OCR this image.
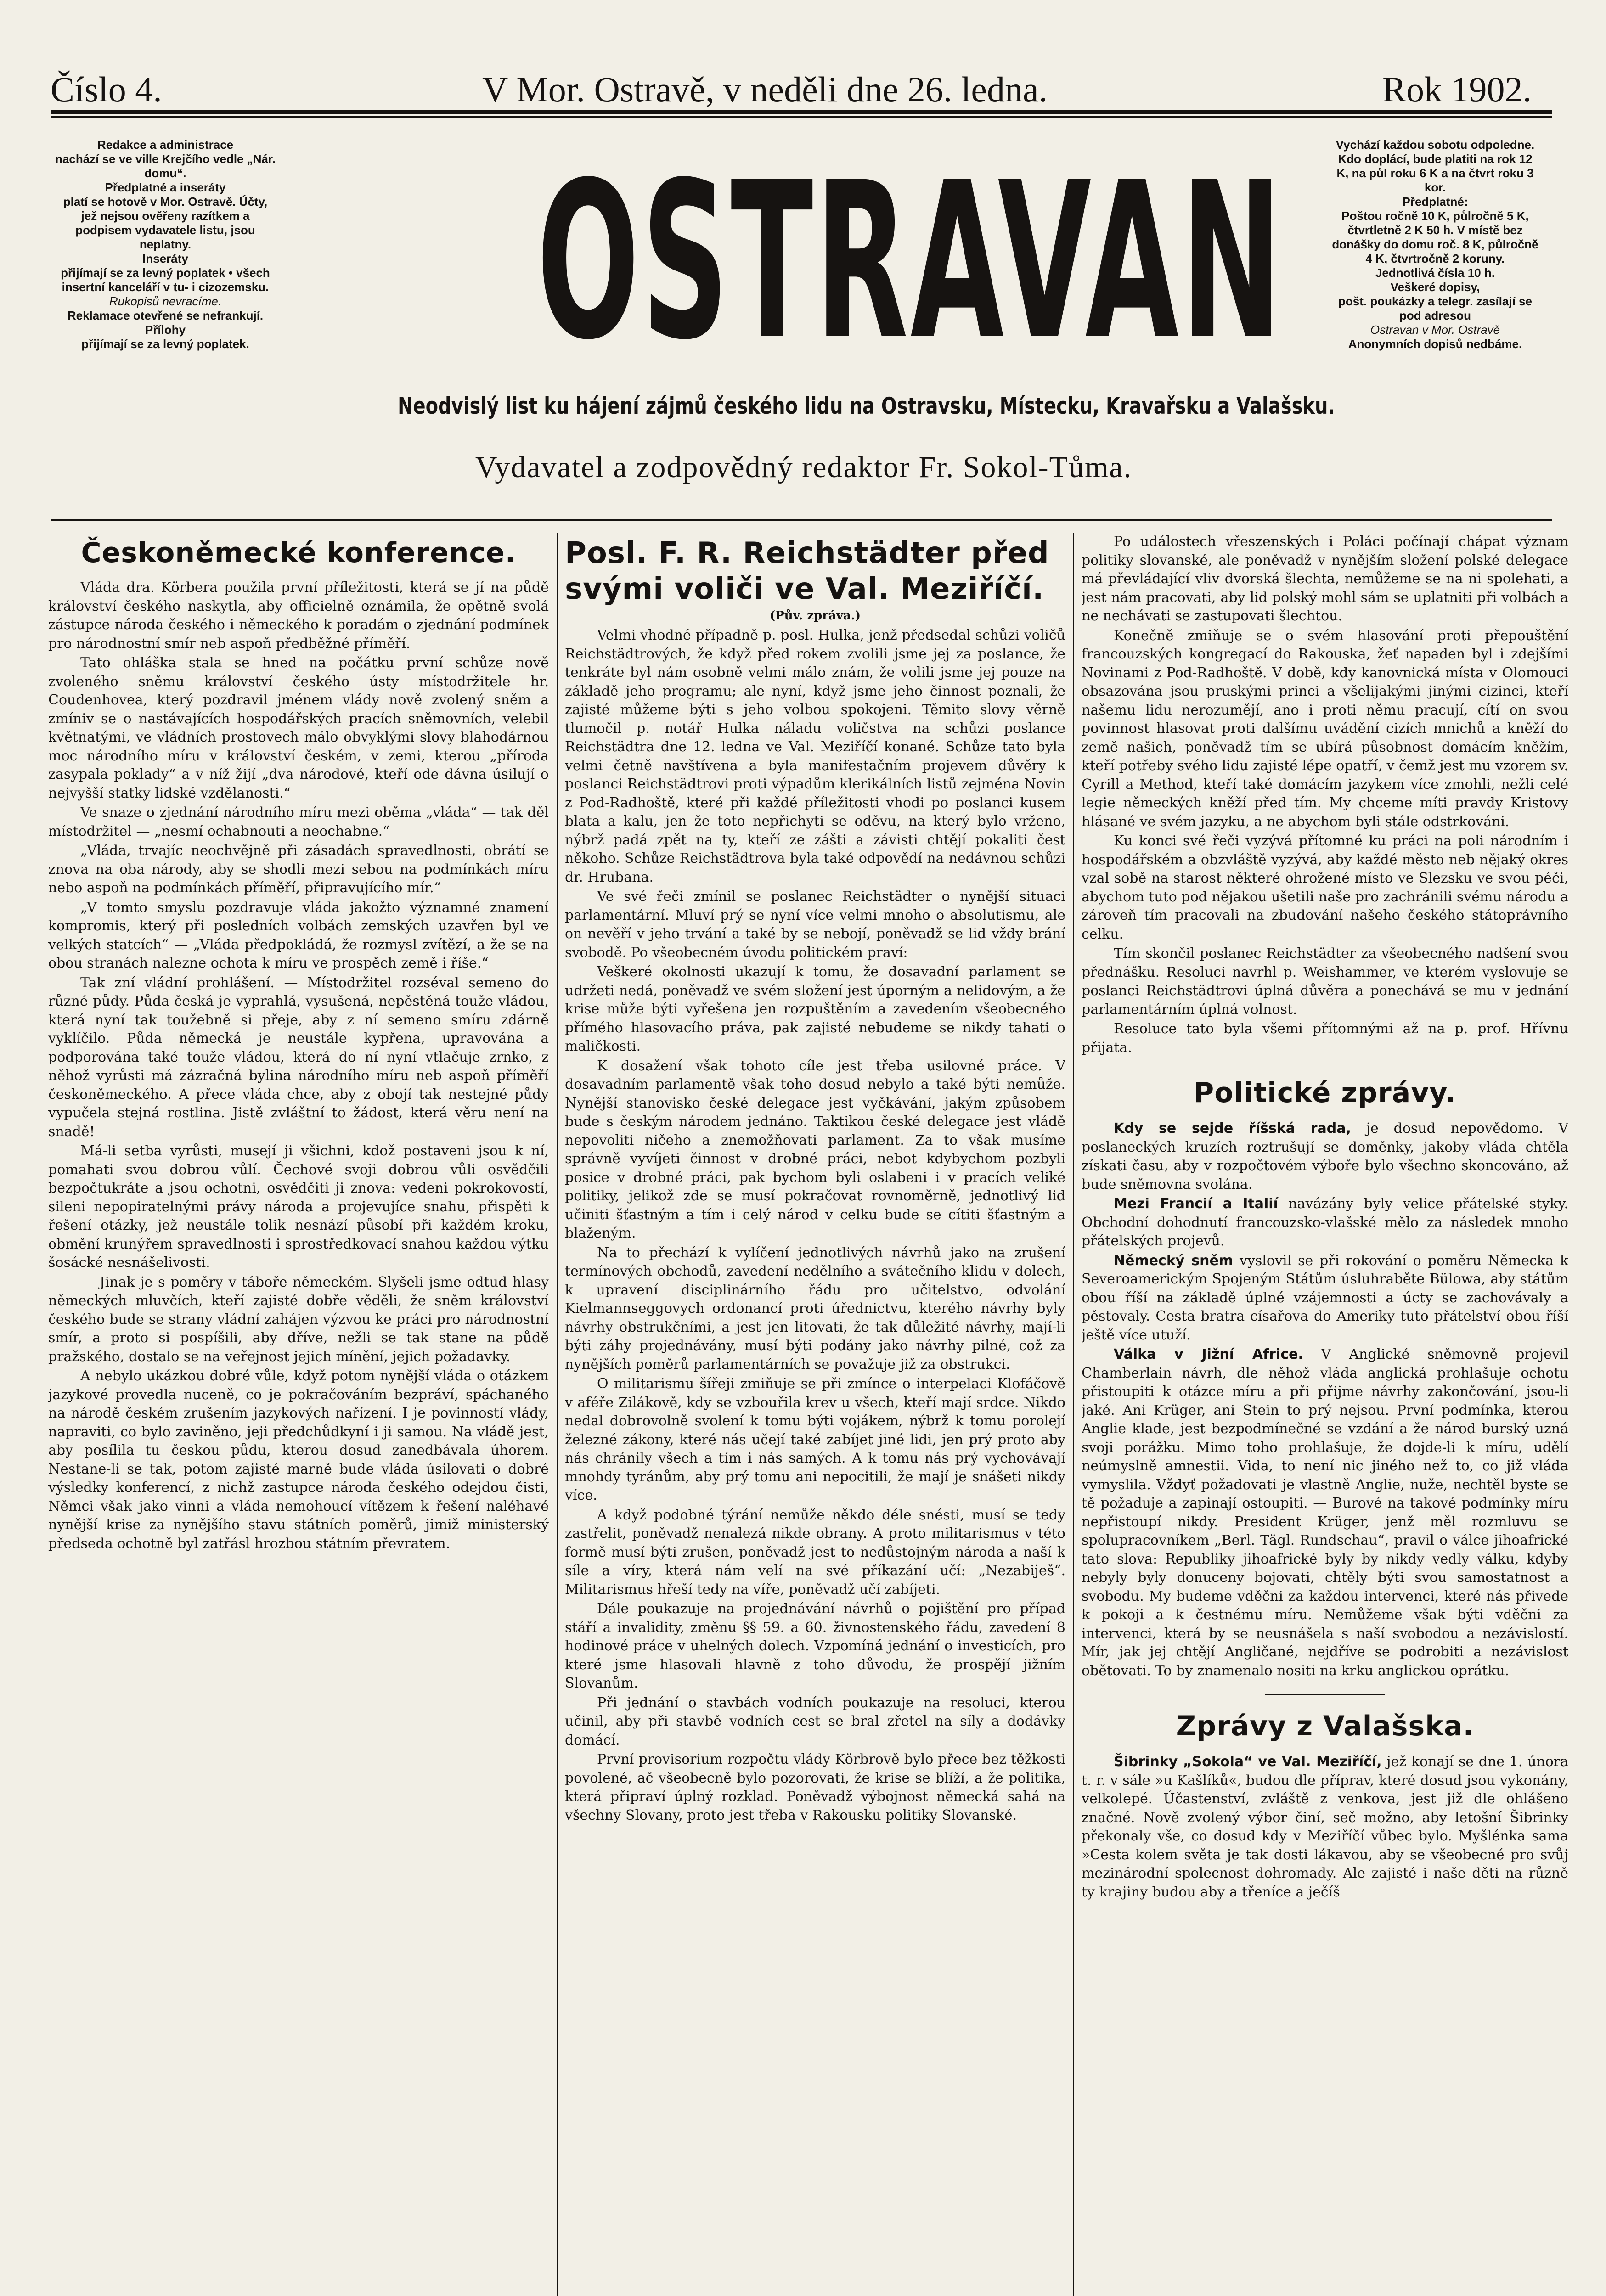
Číslo 4.	V Mor. Ostravě, v neděli dne 26. ledna.	Rok 1902.
Redakce a administrace
nachází se ve ville Krejčího vedle „Nár. domu“.
Předplatné a inseráty
platí se hotově v Mor. Ostravě. Účty, jež nejsou ověřeny razítkem a podpisem vydavatele listu, jsou neplatny.
Inseráty
přijímají se za levný poplatek • všech insertní kanceláří v tu- i cizozemsku.
Rukopisů nevracíme.
Reklamace otevřené se nefrankují.
Přílohy
přijímají se za levný poplatek. OSTRAVAN
Neodvislý list ku hájení zájmů českého lidu na Ostravsku, Místecku, Kravařsku a Valašsku.
Vydavatel a zodpovědný redaktor Fr. Sokol-Tůma.
Vychází každou sobotu odpoledne.
Kdo doplácí, bude platiti na rok 12 K, na půl roku 6 K a na čtvrt roku 3 kor.
Předplatné:
Poštou ročně 10 K, půlročně 5 K, čtvrtletně 2 K 50 h. V místě bez donášky do domu roč. 8 K, půlročně 4 K, čtvrtročně 2 koruny.
Jednotlivá čísla 10 h.
Veškeré dopisy,
pošt. poukázky a telegr. zasílají se pod adresou
Ostravan v Mor. Ostravě
Anonymních dopisů nedbáme.
Českoněmecké konference.

Vláda dra. Körbera použila první příležitosti, která se jí na půdě království českého naskytla, aby officielně oznámila, že opětně svolá zástupce národa českého i německého k poradám o zjednání podmínek pro národnostní smír neb aspoň předběžné příměří.

Tato ohláška stala se hned na počátku první schůze nově zvoleného sněmu království českého ústy místodržitele hr. Coudenhovea, který pozdravil jménem vlády nově zvolený sněm a zmíniv se o nastávajících hospodářských pracích sněmovních, velebil květnatými, ve vládních prostovech málo obvyklými slovy blahodárnou moc národního míru v království českém, v zemi, kterou „příroda zasypala poklady“ a v níž žijí „dva národové, kteří ode dávna úsilují o nejvyšší statky lidské vzdělanosti.“

Ve snaze o zjednání národního míru mezi oběma „vláda“ — tak děl místodržitel — „nesmí ochabnouti a neochabne.“

„Vláda, trvajíc neochvějně při zásadách spravedlnosti, obrátí se znova na oba národy, aby se shodli mezi sebou na podmínkách míru nebo aspoň na podmínkách příměří, připravujícího mír.“

„V tomto smyslu pozdravuje vláda jakožto významné znamení kompromis, který při posledních volbách zemských uzavřen byl ve velkých statcích“ — „Vláda předpokládá, že rozmysl zvítězí, a že se na obou stranách nalezne ochota k míru ve prospěch země i říše.“

Tak zní vládní prohlášení. — Místodržitel rozséval semeno do různé půdy. Půda česká je vyprahlá, vysušená, nepěstěná touže vládou, která nyní tak toužebně si přeje, aby z ní semeno smíru zdárně vyklíčilo. Půda německá je neustále kypřena, upravována a podporována také touže vládou, která do ní nyní vtlačuje zrnko, z něhož vyrůsti má zázračná bylina národního míru neb aspoň příměří českoněmeckého. A přece vláda chce, aby z obojí tak nestejné půdy vypučela stejná rostlina. Jistě zvláštní to žádost, která věru není na snadě!

Má-li setba vyrůsti, musejí ji všichni, kdož postaveni jsou k ní, pomahati svou dobrou vůlí. Čechové svoji dobrou vůli osvědčili bezpočtukráte a jsou ochotni, osvědčiti ji znova: vedeni pokrokovostí, sileni nepopiratelnými právy národa a projevujíce snahu, přispěti k řešení otázky, jež neustále tolik nesnází působí při každém kroku, obmění krunýřem spravedlnosti i sprostředkovací snahou každou výtku šosácké nesnášelivosti.

— Jinak je s poměry v táboře německém. Slyšeli jsme odtud hlasy německých mluvčích, kteří zajisté dobře věděli, že sněm království českého bude se strany vládní zahájen výzvou ke práci pro národnostní smír, a proto si pospíšili, aby dříve, nežli se tak stane na půdě pražského, dostalo se na veřejnost jejich mínění, jejich požadavky.

A nebylo ukázkou dobré vůle, když potom nynější vláda o otázkem jazykové provedla nuceně, co je pokračováním bezpráví, spáchaného na národě českém zrušením jazykových nařízení. I je povinností vlády, napraviti, co bylo zaviněno, jeji předchůdkyní i ji samou. Na vládě jest, aby posílila tu českou půdu, kterou dosud zanedbávala úhorem. Nestane-li se tak, potom zajisté marně bude vláda úsilovati o dobré výsledky konferencí, z nichž zastupce národa českého odejdou čisti, Němci však jako vinni a vláda nemohoucí vítězem k řešení naléhavé nynější krise za nynějšího stavu státních poměrů, jimiž ministerský předseda ochotně byl zatřásl hrozbou státním převratem.

Posl. F. R. Reichstädter před
svými voliči ve Val. Meziříčí.
(Pův. zpráva.)

Velmi vhodné případně p. posl. Hulka, jenž předsedal schůzi voličů Reichstädtrových, že když před rokem zvolili jsme jej za poslance, že tenkráte byl nám osobně velmi málo znám, že volili jsme jej pouze na základě jeho programu; ale nyní, když jsme jeho činnost poznali, že zajisté můžeme býti s jeho volbou spokojeni. Těmito slovy věrně tlumočil p. notář Hulka náladu voličstva na schůzi poslance Reichstädtra dne 12. ledna ve Val. Meziříčí konané. Schůze tato byla velmi četně navštívena a byla manifestačním projevem důvěry k poslanci Reichstädtrovi proti výpadům klerikálních listů zejména Novin z Pod-Radhoště, které při každé příležitosti vhodi po poslanci kusem blata a kalu, jen že toto nepřichyti se oděvu, na který bylo vrženo, nýbrž padá zpět na ty, kteří ze zášti a závisti chtějí pokaliti čest někoho. Schůze Reichstädtrova byla také odpovědí na nedávnou schůzi dr. Hrubana.

Ve své řeči zmínil se poslanec Reichstädter o nynější situaci parlamentární. Mluví prý se nyní více velmi mnoho o absolutismu, ale on nevěří v jeho trvání a také by se nebojí, poněvadž se lid vždy brání svobodě. Po všeobecném úvodu politickém praví:

Veškeré okolnosti ukazují k tomu, že dosavadní parlament se udržeti nedá, poněvadž ve svém složení jest úporným a nelidovým, a že krise může býti vyřešena jen rozpuštěním a zavedením všeobecného přímého hlasovacího práva, pak zajisté nebudeme se nikdy tahati o maličkosti.

K dosažení však tohoto cíle jest třeba usilovné práce. V dosavadním parlamentě však toho dosud nebylo a také býti nemůže. Nynější stanovisko české delegace jest vyčkávání, jakým způsobem bude s českým národem jednáno. Taktikou české delegace jest vládě nepovoliti ničeho a znemožňovati parlament. Za to však musíme správně vyvíjeti činnost v drobné práci, nebot kdybychom pozbyli posice v drobné práci, pak bychom byli oslabeni i v pracích veliké politiky, jelikož zde se musí pokračovat rovnoměrně, jednotlivý lid učiniti šťastným a tím i celý národ v celku bude se cítiti šťastným a blaženým.

Na to přechází k vylíčení jednotlivých návrhů jako na zrušení termínových obchodů, zavedení nedělního a svátečního klidu v dolech, k upravení disciplinárního řádu pro učitelstvo, odvolání Kielmannseggovych ordonancí proti úřednictvu, kterého návrhy byly návrhy obstrukčními, a jest jen litovati, že tak důležité návrhy, mají-li býti záhy projednávány, musí býti podány jako návrhy pilné, což za nynějších poměrů parlamentárních se považuje již za obstrukci.

O militarismu šířeji zmiňuje se při zmínce o interpelaci Klofáčově v aféře Zilákově, kdy se vzbouřila krev u všech, kteří mají srdce. Nikdo nedal dobrovolně svolení k tomu býti vojákem, nýbrž k tomu porolejí železné zákony, které nás učejí také zabíjet jiné lidi, jen prý proto aby nás chránily všech a tím i nás samých. A k tomu nás prý vychovávají mnohdy tyránům, aby prý tomu ani nepocitili, že mají je snášeti nikdy více.

A když podobné týrání nemůže někdo déle snésti, musí se tedy zastřelit, poněvadž nenalezá nikde obrany. A proto militarismus v této formě musí býti zrušen, poněvadž jest to nedůstojným národa a naší k síle a víry, která nám velí na své příkazání učí: „Nezabiješ“. Militarismus hřeší tedy na víře, poněvadž učí zabíjeti.

Dále poukazuje na projednávání návrhů o pojištění pro případ stáří a invalidity, změnu §§ 59. a 60. živnostenského řádu, zavedení 8 hodinové práce v uhelných dolech. Vzpomíná jednání o investicích, pro které jsme hlasovali hlavně z toho důvodu, že prospějí jižním Slovanům.

Při jednání o stavbách vodních poukazuje na resoluci, kterou učinil, aby při stavbě vodních cest se bral zřetel na síly a dodávky domácí.

První provisorium rozpočtu vlády Körbrově bylo přece bez těžkosti povolené, ač všeobecně bylo pozorovati, že krise se blíží, a že politika, která připraví úplný rozklad. Poněvadž výbojnost německá sahá na všechny Slovany, proto jest třeba v Rakousku politiky Slovanské.

Po událostech vřeszenských i Poláci počínají chápat význam politiky slovanské, ale poněvadž v nynějším složení polské delegace má převládající vliv dvorská šlechta, nemůžeme se na ni spolehati, a jest nám pracovati, aby lid polský mohl sám se uplatniti při volbách a ne nechávati se zastupovati šlechtou.

Konečně zmiňuje se o svém hlasování proti přepouštění francouzských kongregací do Rakouska, žeť napaden byl i zdejšími Novinami z Pod-Radhoště. V době, kdy kanovnická místa v Olomouci obsazována jsou pruskými princi a všelijakými jinými cizinci, kteří našemu lidu nerozumějí, ano i proti němu pracují, cítí on svou povinnost hlasovat proti dalšímu uvádění cizích mnichů a kněží do země našich, poněvadž tím se ubírá působnost domácím kněžím, kteří potřeby svého lidu zajisté lépe opatří, v čemž jest mu vzorem sv. Cyrill a Method, kteří také domácím jazykem více zmohli, nežli celé legie německých kněží před tím. My chceme míti pravdy Kristovy hlásané ve svém jazyku, a ne abychom byli stále odstrkováni.

Ku konci své řeči vyzývá přítomné ku práci na poli národním i hospodářském a obzvláště vyzývá, aby každé město neb nějaký okres vzal sobě na starost některé ohrožené místo ve Slezsku ve svou péči, abychom tuto pod nějakou ušetili naše pro zachránili svému národu a zároveň tím pracovali na zbudování našeho českého státoprávního celku.

Tím skončil poslanec Reichstädter za všeobecného nadšení svou přednášku. Resoluci navrhl p. Weishammer, ve kterém vyslovuje se poslanci Reichstädtrovi úplná důvěra a ponechává se mu v jednání parlamentárním úplná volnost.

Resoluce tato byla všemi přítomnými až na p. prof. Hřívnu přijata.

Politické zprávy.

Kdy se sejde říšská rada, je dosud nepovědomo. V poslaneckých kruzích roztrušují se doměnky, jakoby vláda chtěla získati času, aby v rozpočtovém výboře bylo všechno skoncováno, až bude sněmovna svolána.

Mezi Francií a Italií navázány byly velice přátelské styky. Obchodní dohodnutí francouzsko-vlašské mělo za následek mnoho přátelských projevů.

Německý sněm vyslovil se při rokování o poměru Německa k Severoamerickým Spojeným Státům úsluhraběte Bülowa, aby státům obou říší na základě úplné vzájemnosti a úcty se zachovávaly a pěstovaly. Cesta bratra císařova do Ameriky tuto přátelství obou říší ještě více utuží.

Válka v Jižní Africe. V Anglické sněmovně projevil Chamberlain návrh, dle něhož vláda anglická prohlašuje ochotu přistoupiti k otázce míru a při přijme návrhy zakončování, jsou-li jaké. Ani Krüger, ani Stein to prý nejsou. První podmínka, kterou Anglie klade, jest bezpodmínečné se vzdání a že národ burský uzná svoji porážku. Mimo toho prohlašuje, že dojde-li k míru, udělí neúmyslně amnestii. Vida, to není nic jiného než to, co již vláda vymyslila. Vždyť požadovati je vlastně Anglie, nuže, nechtěl byste se tě požaduje a zapinají ostoupiti. — Burové na takové podmínky míru nepřistoupí nikdy. President Krüger, jenž měl rozmluvu se spolupracovníkem „Berl. Tägl. Rundschau“, pravil o válce jihoafrické tato slova: Republiky jihoafrické byly by nikdy vedly válku, kdyby nebyly byly donuceny bojovati, chtěly býti svou samostatnost a svobodu. My budeme vděčni za každou intervenci, které nás přivede k pokoji a k čestnému míru. Nemůžeme však býti vděčni za intervenci, která by se neusnášela s naší svobodou a nezávislostí. Mír, jak jej chtějí Angličané, nejdříve se podrobiti a nezávislost obětovati. To by znamenalo nositi na krku anglickou oprátku.

Zprávy z Valašska.

Šibrinky „Sokola“ ve Val. Meziříčí, jež konají se dne 1. února t. r. v sále »u Kašlíků«, budou dle příprav, které dosud jsou vykonány, velkolepé. Účastenství, zvláště z venkova, jest již dle ohlášeno značné. Nově zvolený výbor činí, seč možno, aby letošní Šibrinky překonaly vše, co dosud kdy v Meziříčí vůbec bylo. Myšlénka sama »Cesta kolem světa je tak dosti lákavou, aby se všeobecné pro svůj mezinárodní spolecnost dohromady. Ale zajisté i naše děti na různě ty krajiny budou aby a třeníce a ječíš
